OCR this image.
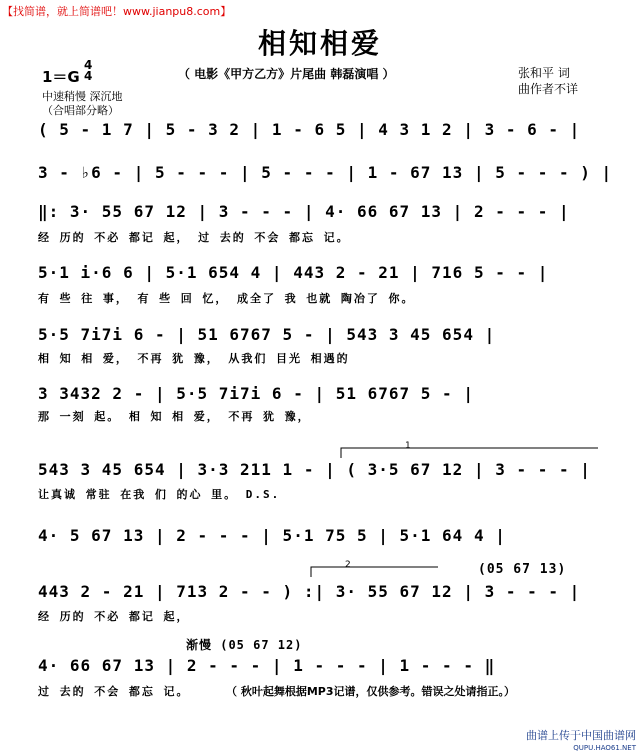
【找简谱，就上简谱吧！www.jianpu8.com】
相知相爱
1＝G
4
4	（ 电影《甲方乙方》片尾曲 韩磊演唱 ）	张和平 词
曲作者不详
中速稍慢 深沉地
（合唱部分略）
( 5 - 1 7 | 5 - 3 2 | 1 - 6 5 | 4 3 1 2 | 3 - 6 - |
3 - ♭6 - | 5 - - - | 5 - - - | 1 - 67 13 | 5 - - - ) |
‖: 3· 55 67 12 | 3 - - - | 4· 66 67 13 | 2 - - - |
经 历的 不必 都记 起， 过 去的 不会 都忘 记。
5·1 i·6 6 | 5·1 654 4 | 443 2 - 21 | 716 5 - - |
有 些 往 事， 有 些 回 忆， 成全了 我 也就 陶冶了 你。
5·5 7i7i 6 - | 51 6767 5 - | 543 3 45 654 |
相 知 相 爱， 不再 犹 豫， 从我们 目光 相遇的
3 3432 2 - | 5·5 7i7i 6 - | 51 6767 5 - |
那 一刻 起。 相 知 相 爱， 不再 犹 豫，
1
543 3 45 654 | 3·3 211 1 - | ( 3·5 67 12 | 3 - - - |
让真诚 常驻 在我 们 的心 里。 D.S.
4· 5 67 13 | 2 - - - | 5·1 75 5 | 5·1 64 4 |
2	(05 67 13)
443 2 - 21 | 713 2 - - ) :| 3· 55 67 12 | 3 - - - |
经 历的 不必 都记 起，
渐慢 (05 67 12)
4· 66 67 13 | 2 - - - | 1 - - - | 1 - - - ‖
过 去的 不会 都忘 记。	（ 秋叶起舞根据MP3记谱，仅供参考。错误之处请指正。）
曲谱上传于中国曲谱网
QUPU.HAO61.NET
